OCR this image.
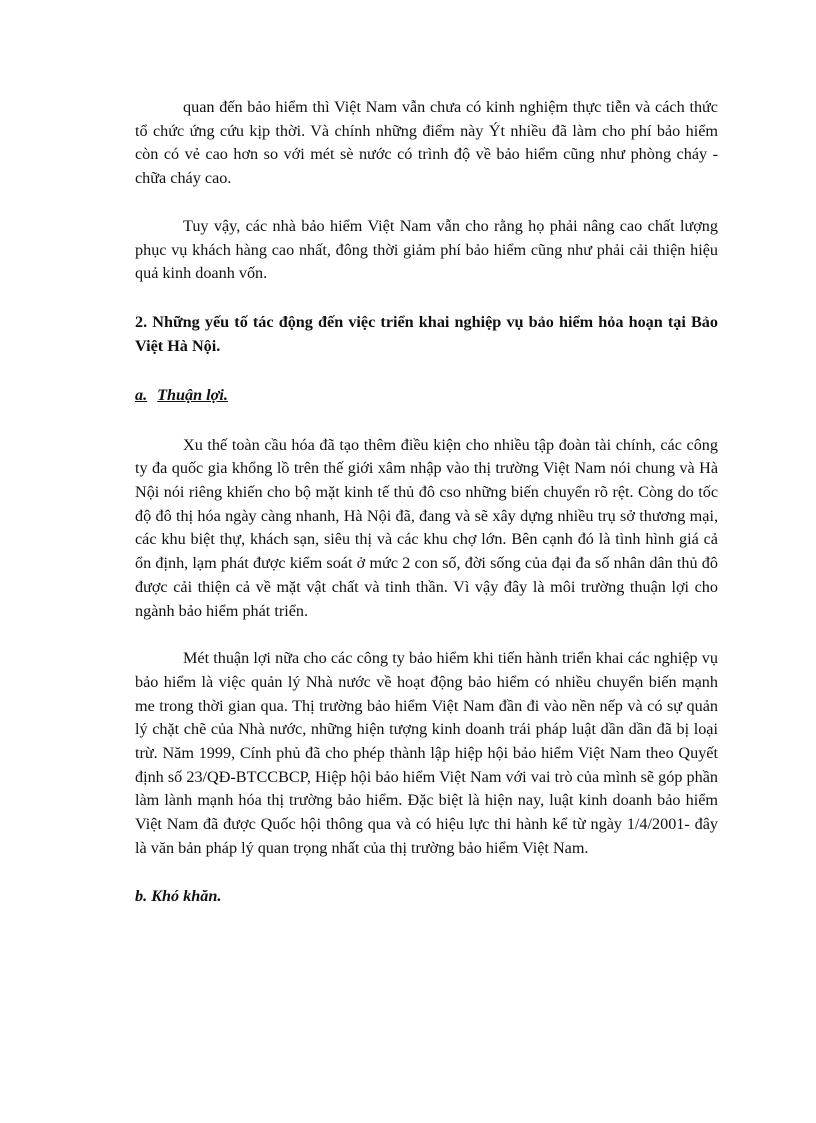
quan đến bảo hiểm thì Việt Nam vẫn chưa có kinh nghiệm thực tiễn và cách thức tổ chức ứng cứu kịp thời. Và chính những điểm này Ýt nhiều đã làm cho phí bảo hiểm còn có vẻ cao hơn so với mét sè nước có trình độ về bảo hiểm cũng như phòng cháy - chữa cháy cao.

Tuy vậy, các nhà bảo hiểm Việt Nam vẫn cho rằng họ phải nâng cao chất lượng phục vụ khách hàng cao nhất, đông thời giảm phí bảo hiểm cũng như phải cải thiện hiệu quả kinh doanh vốn.

2. Những yếu tố tác động đến việc triển khai nghiệp vụ bảo hiểm hỏa hoạn tại Bảo Việt Hà Nội.

a. Thuận lợi.

Xu thế toàn cầu hóa đã tạo thêm điều kiện cho nhiều tập đoàn tài chính, các công ty đa quốc gia khổng lồ trên thế giới xâm nhập vào thị trường Việt Nam nói chung và Hà Nội nói riêng khiến cho bộ mặt kinh tế thủ đô cso những biến chuyển rõ rệt. Còng do tốc độ đô thị hóa ngày càng nhanh, Hà Nội đã, đang và sẽ xây dựng nhiều trụ sở thương mại, các khu biệt thự, khách sạn, siêu thị và các khu chợ lớn. Bên cạnh đó là tình hình giá cả ổn định, lạm phát được kiểm soát ở mức 2 con số, đời sống của đại đa số nhân dân thủ đô được cải thiện cả về mặt vật chất và tinh thần. Vì vậy đây là môi trường thuận lợi cho ngành bảo hiểm phát triển.

Mét thuận lợi nữa cho các công ty bảo hiểm khi tiến hành triển khai các nghiệp vụ bảo hiểm là việc quản lý Nhà nước về hoạt động bảo hiểm có nhiều chuyển biến mạnh me trong thời gian qua. Thị trường bảo hiểm Việt Nam đần đi vào nền nếp và có sự quản lý chặt chẽ của Nhà nước, những hiện tượng kinh doanh trái pháp luật dần dần đã bị loại trừ. Năm 1999, Cính phủ đã cho phép thành lập hiệp hội bảo hiểm Việt Nam theo Quyết định số 23/QĐ-BTCCBCP, Hiệp hội bảo hiểm Việt Nam với vai trò của mình sẽ góp phần làm lành mạnh hóa thị trường bảo hiểm. Đặc biệt là hiện nay, luật kinh doanh bảo hiểm Việt Nam đã được Quốc hội thông qua và có hiệu lực thi hành kể từ ngày 1/4/2001- đây là văn bản pháp lý quan trọng nhất của thị trường bảo hiểm Việt Nam.

b. Khó khăn.
